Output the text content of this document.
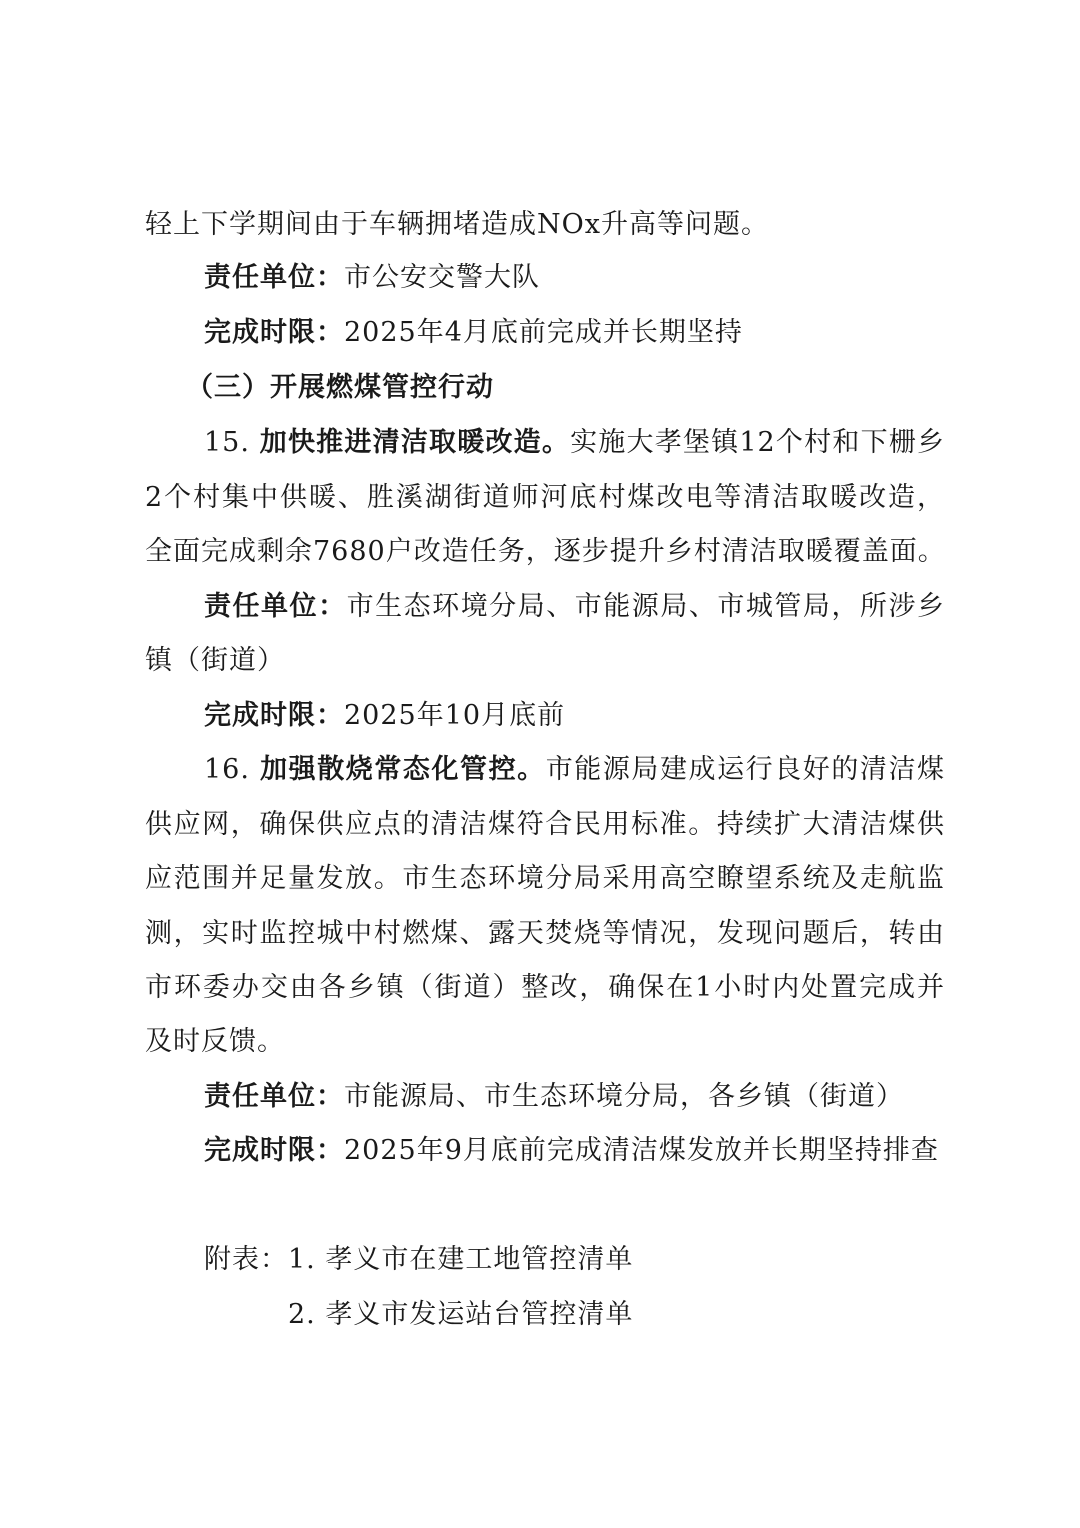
轻上下学期间由于车辆拥堵造成NOx升高等问题。
责任单位：市公安交警大队
完成时限：2025年4月底前完成并长期坚持
（三）开展燃煤管控行动
15. 加快推进清洁取暖改造。实施大孝堡镇12个村和下栅乡
2个村集中供暖、胜溪湖街道师河底村煤改电等清洁取暖改造，
全面完成剩余7680户改造任务，逐步提升乡村清洁取暖覆盖面。
责任单位：市生态环境分局、市能源局、市城管局，所涉乡
镇（街道）
完成时限：2025年10月底前
16. 加强散烧常态化管控。市能源局建成运行良好的清洁煤
供应网，确保供应点的清洁煤符合民用标准。持续扩大清洁煤供
应范围并足量发放。市生态环境分局采用高空瞭望系统及走航监
测，实时监控城中村燃煤、露天焚烧等情况，发现问题后，转由
市环委办交由各乡镇（街道）整改，确保在1小时内处置完成并
及时反馈。
责任单位：市能源局、市生态环境分局，各乡镇（街道）
完成时限：2025年9月底前完成清洁煤发放并长期坚持排查
附表：1. 孝义市在建工地管控清单
2. 孝义市发运站台管控清单
